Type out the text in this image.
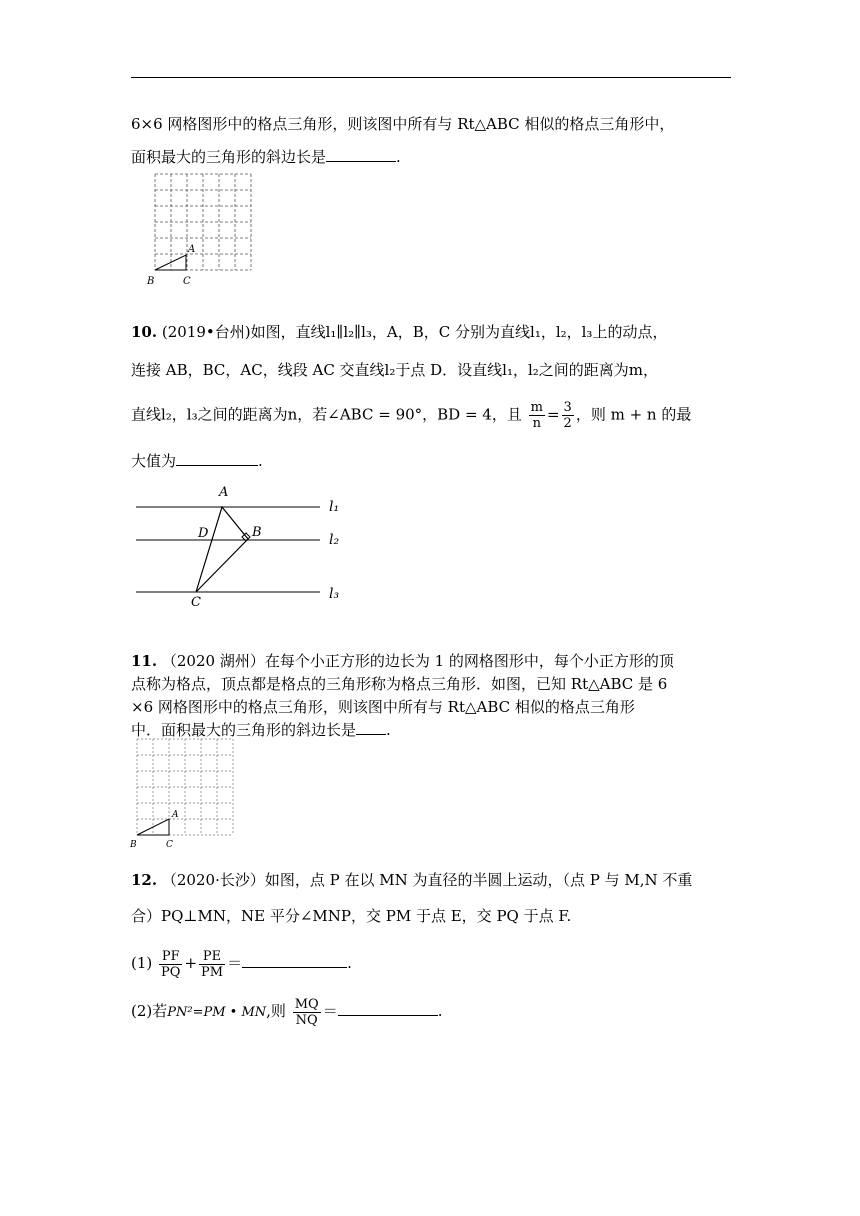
6×6 网格图形中的格点三角形，则该图中所有与 Rt△ABC 相似的格点三角形中，
面积最大的三角形的斜边长是	.
A
B	C
10. (2019•台州)如图，直线l₁∥l₂∥l₃，A，B，C 分别为直线l₁，l₂，l₃上的动点，
连接 AB，BC，AC，线段 AC 交直线l₂于点 D．设直线l₁，l₂之间的距离为m，
直线l₂，l₃之间的距离为n，若∠ABC = 90°，BD = 4，且 $\frac{m}{n} = \frac{3}{2}$ ，则 m + n 的最
大值为	.
A
B
C
D
l₁
l₂
l₃
11. （2020 湖州）在每个小正方形的边长为 1 的网格图形中，每个小正方形的顶
点称为格点，顶点都是格点的三角形称为格点三角形．如图，已知 Rt△ABC 是 6
×6 网格图形中的格点三角形，则该图中所有与 Rt△ABC 相似的格点三角形
中．面积最大的三角形的斜边长是 .
A
B	C
12. （2020·长沙）如图，点 P 在以 MN 为直径的半圆上运动，（点 P 与 M,N 不重
合）PQ⊥MN，NE 平分∠MNP，交 PM 于点 E，交 PQ 于点 F.
$(1) \frac{PF}{PQ} + \frac{PE}{PM}$ ＝	.
(2)若PN²=PM • MN,则 $\frac{MQ}{NQ}$ ＝	.
